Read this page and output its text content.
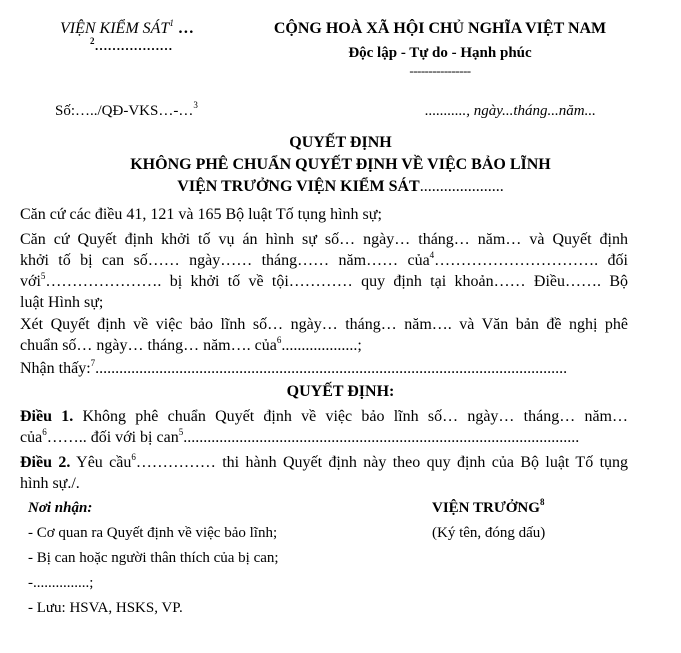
VIỆN KIỂM SÁT$^1$ …
$^2$………………
CỘNG HOÀ XÃ HỘI CHỦ NGHĨA VIỆT NAM
Độc lập - Tự do - Hạnh phúc
----------------
Số:…../QĐ-VKS…-…$^3$	..........., ngày...tháng...năm...
QUYẾT ĐỊNH
KHÔNG PHÊ CHUẨN QUYẾT ĐỊNH VỀ VIỆC BẢO LĨNH
VIỆN TRƯỞNG VIỆN KIỂM SÁT.....................
Căn cứ các điều 41, 121 và 165 Bộ luật Tố tụng hình sự;
Căn cứ Quyết định khởi tố vụ án hình sự số… ngày… tháng… năm… và Quyết định
khởi tố bị can số…… ngày…… tháng…… năm…… của$^4$…………………………. đối
với$^5$…………………. bị khởi tố về tội………… quy định tại khoản…… Điều……. Bộ
luật Hình sự;
Xét Quyết định về việc bảo lĩnh số… ngày… tháng… năm…. và Văn bản đề nghị phê
chuẩn số… ngày… tháng… năm…. của$^6$...................;
Nhận thấy:$^7$......................................................................................................................
QUYẾT ĐỊNH:
Điều 1. Không phê chuẩn Quyết định về việc bảo lĩnh số… ngày… tháng… năm…
của$^6$…….. đối với bị can$^5$...................................................................................................
Điều 2. Yêu cầu$^6$…………… thi hành Quyết định này theo quy định của Bộ luật Tố tụng
hình sự./.
Nơi nhận:
- Cơ quan ra Quyết định về việc bảo lĩnh;
- Bị can hoặc người thân thích của bị can;
-...............;
- Lưu: HSVA, HSKS, VP.
VIỆN TRƯỞNG$^8$
(Ký tên, đóng dấu)
